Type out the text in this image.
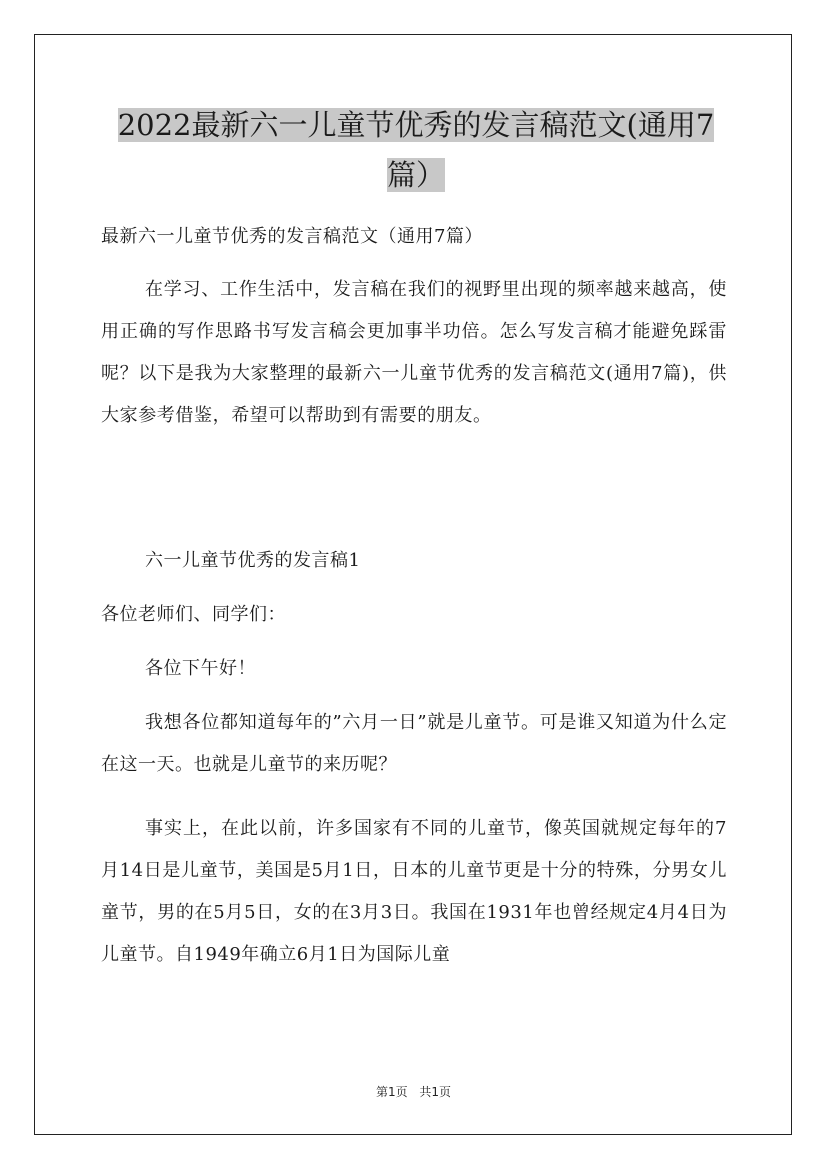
2022最新六一儿童节优秀的发言稿范文(通用7篇）

最新六一儿童节优秀的发言稿范文（通用7篇）

在学习、工作生活中，发言稿在我们的视野里出现的频率越来越高，使用正确的写作思路书写发言稿会更加事半功倍。怎么写发言稿才能避免踩雷呢？以下是我为大家整理的最新六一儿童节优秀的发言稿范文(通用7篇)，供大家参考借鉴，希望可以帮助到有需要的朋友。

六一儿童节优秀的发言稿1

各位老师们、同学们：

各位下午好！

我想各位都知道每年的”六月一日”就是儿童节。可是谁又知道为什么定在这一天。也就是儿童节的来历呢？

事实上，在此以前，许多国家有不同的儿童节，像英国就规定每年的7月14日是儿童节，美国是5月1日，日本的儿童节更是十分的特殊，分男女儿童节，男的在5月5日，女的在3月3日。我国在1931年也曾经规定4月4日为儿童节。自1949年确立6月1日为国际儿童

第1页 共1页
